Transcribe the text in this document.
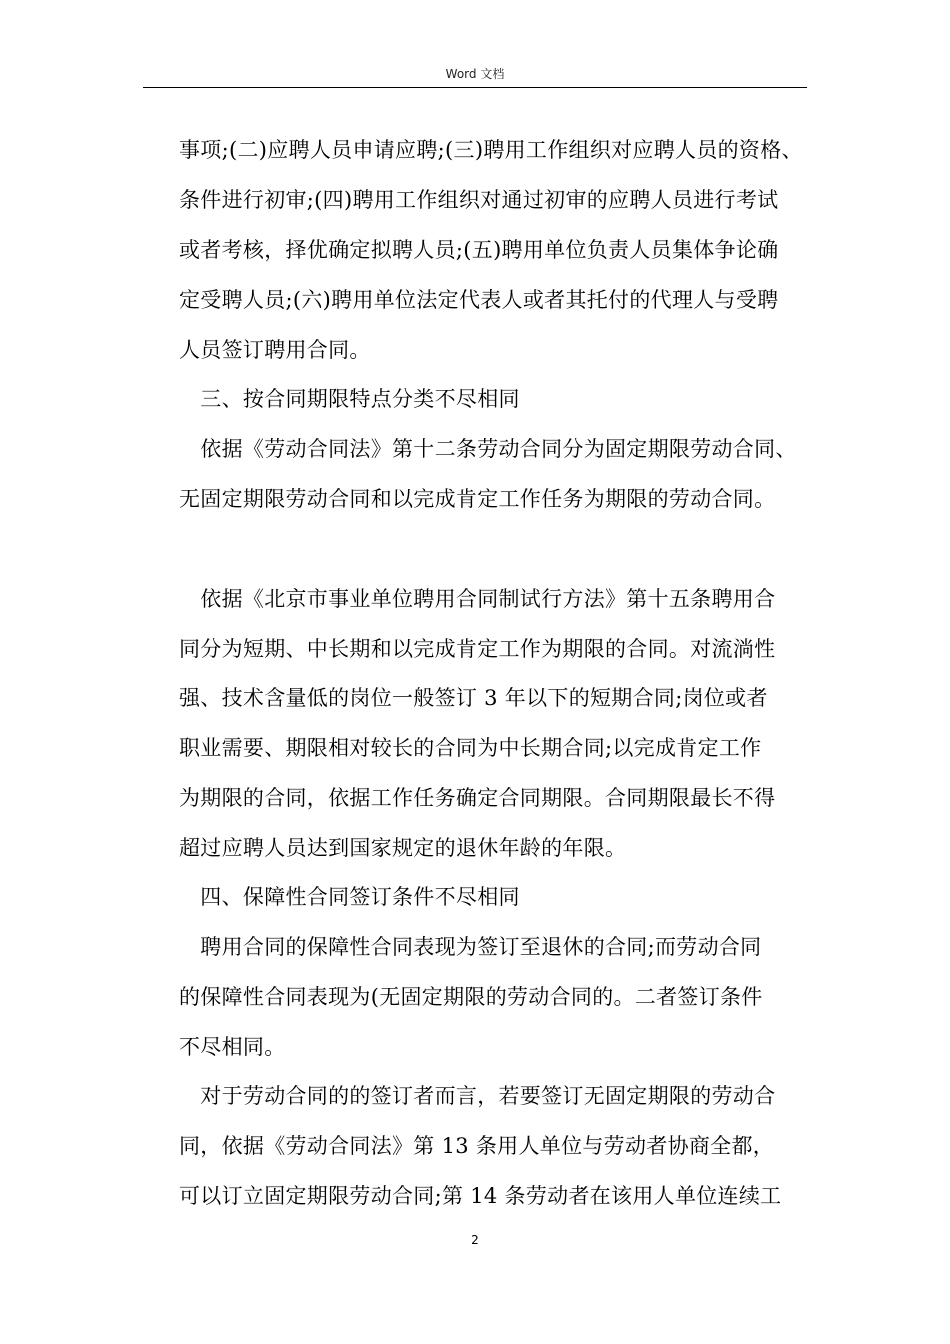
Word 文档
事项;(二)应聘人员申请应聘;(三)聘用工作组织对应聘人员的资格、
条件进行初审;(四)聘用工作组织对通过初审的应聘人员进行考试
或者考核，择优确定拟聘人员;(五)聘用单位负责人员集体争论确
定受聘人员;(六)聘用单位法定代表人或者其托付的代理人与受聘
人员签订聘用合同。
　三、按合同期限特点分类不尽相同
　依据《劳动合同法》第十二条劳动合同分为固定期限劳动合同、
无固定期限劳动合同和以完成肯定工作任务为期限的劳动合同。
　依据《北京市事业单位聘用合同制试行方法》第十五条聘用合
同分为短期、中长期和以完成肯定工作为期限的合同。对流淌性
强、技术含量低的岗位一般签订 3 年以下的短期合同;岗位或者
职业需要、期限相对较长的合同为中长期合同;以完成肯定工作
为期限的合同，依据工作任务确定合同期限。合同期限最长不得
超过应聘人员达到国家规定的退休年龄的年限。
　四、保障性合同签订条件不尽相同
　聘用合同的保障性合同表现为签订至退休的合同;而劳动合同
的保障性合同表现为(无固定期限的劳动合同的。二者签订条件
不尽相同。
　对于劳动合同的的签订者而言，若要签订无固定期限的劳动合
同，依据《劳动合同法》第 13 条用人单位与劳动者协商全都，
可以订立固定期限劳动合同;第 14 条劳动者在该用人单位连续工
2
